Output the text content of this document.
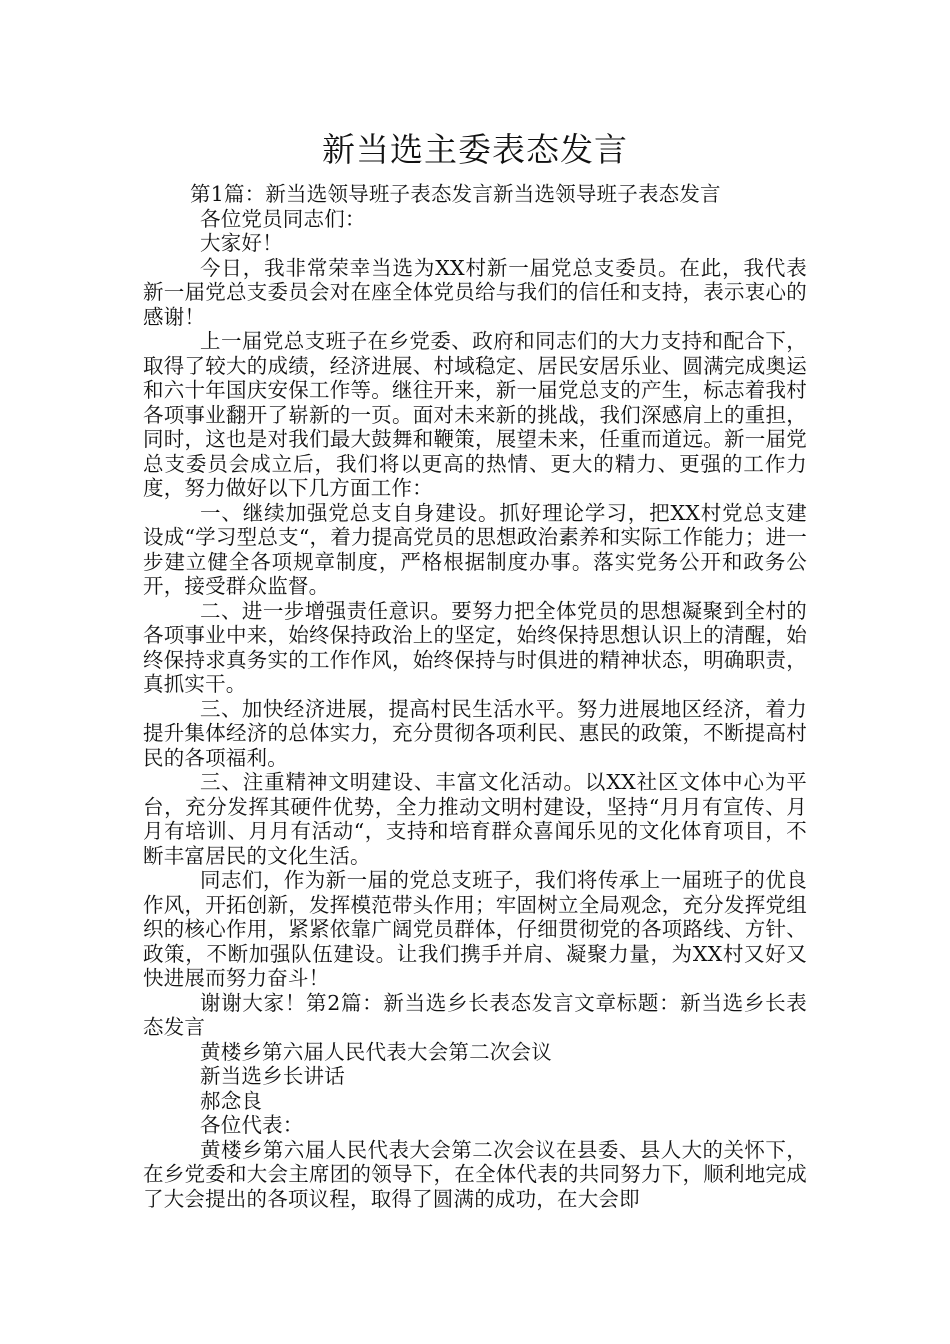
新当选主委表态发言

第1篇：新当选领导班子表态发言新当选领导班子表态发言

各位党员同志们：

大家好！

今日，我非常荣幸当选为XX村新一届党总支委员。在此，我代表新一届党总支委员会对在座全体党员给与我们的信任和支持，表示衷心的感谢！

上一届党总支班子在乡党委、政府和同志们的大力支持和配合下，取得了较大的成绩，经济进展、村域稳定、居民安居乐业、圆满完成奥运和六十年国庆安保工作等。继往开来，新一届党总支的产生，标志着我村各项事业翻开了崭新的一页。面对未来新的挑战，我们深感肩上的重担，同时，这也是对我们最大鼓舞和鞭策，展望未来，任重而道远。新一届党总支委员会成立后，我们将以更高的热情、更大的精力、更强的工作力度，努力做好以下几方面工作：

一、继续加强党总支自身建设。抓好理论学习，把XX村党总支建设成“学习型总支“，着力提高党员的思想政治素养和实际工作能力；进一步建立健全各项规章制度，严格根据制度办事。落实党务公开和政务公开，接受群众监督。

二、进一步增强责任意识。要努力把全体党员的思想凝聚到全村的各项事业中来，始终保持政治上的坚定，始终保持思想认识上的清醒，始终保持求真务实的工作作风，始终保持与时俱进的精神状态，明确职责，真抓实干。

三、加快经济进展，提高村民生活水平。努力进展地区经济，着力提升集体经济的总体实力，充分贯彻各项利民、惠民的政策，不断提高村民的各项福利。

三、注重精神文明建设、丰富文化活动。以XX社区文体中心为平台，充分发挥其硬件优势，全力推动文明村建设，坚持“月月有宣传、月月有培训、月月有活动“，支持和培育群众喜闻乐见的文化体育项目，不断丰富居民的文化生活。

同志们，作为新一届的党总支班子，我们将传承上一届班子的优良作风，开拓创新，发挥模范带头作用；牢固树立全局观念，充分发挥党组织的核心作用，紧紧依靠广阔党员群体，仔细贯彻党的各项路线、方针、政策，不断加强队伍建设。让我们携手并肩、凝聚力量，为XX村又好又快进展而努力奋斗！

谢谢大家！第2篇：新当选乡长表态发言文章标题：新当选乡长表态发言

黄楼乡第六届人民代表大会第二次会议

新当选乡长讲话

郝念良

各位代表：

黄楼乡第六届人民代表大会第二次会议在县委、县人大的关怀下，在乡党委和大会主席团的领导下，在全体代表的共同努力下，顺利地完成了大会提出的各项议程，取得了圆满的成功，在大会即
